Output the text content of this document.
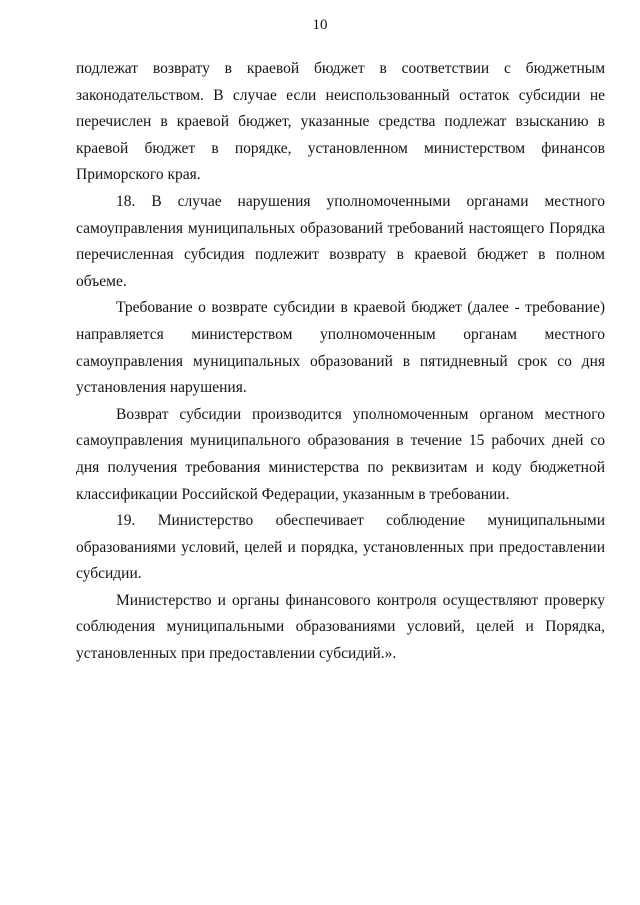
10

подлежат возврату в краевой бюджет в соответствии с бюджетным законодательством. В случае если неиспользованный остаток субсидии не перечислен в краевой бюджет, указанные средства подлежат взысканию в краевой бюджет в порядке, установленном министерством финансов Приморского края.

18. В случае нарушения уполномоченными органами местного самоуправления муниципальных образований требований настоящего Порядка перечисленная субсидия подлежит возврату в краевой бюджет в полном объеме.

Требование о возврате субсидии в краевой бюджет (далее - требование) направляется министерством уполномоченным органам местного самоуправления муниципальных образований в пятидневный срок со дня установления нарушения.

Возврат субсидии производится уполномоченным органом местного самоуправления муниципального образования в течение 15 рабочих дней со дня получения требования министерства по реквизитам и коду бюджетной классификации Российской Федерации, указанным в требовании.

19. Министерство обеспечивает соблюдение муниципальными образованиями условий, целей и порядка, установленных при предоставлении субсидии.

Министерство и органы финансового контроля осуществляют проверку соблюдения муниципальными образованиями условий, целей и Порядка, установленных при предоставлении субсидий.».
